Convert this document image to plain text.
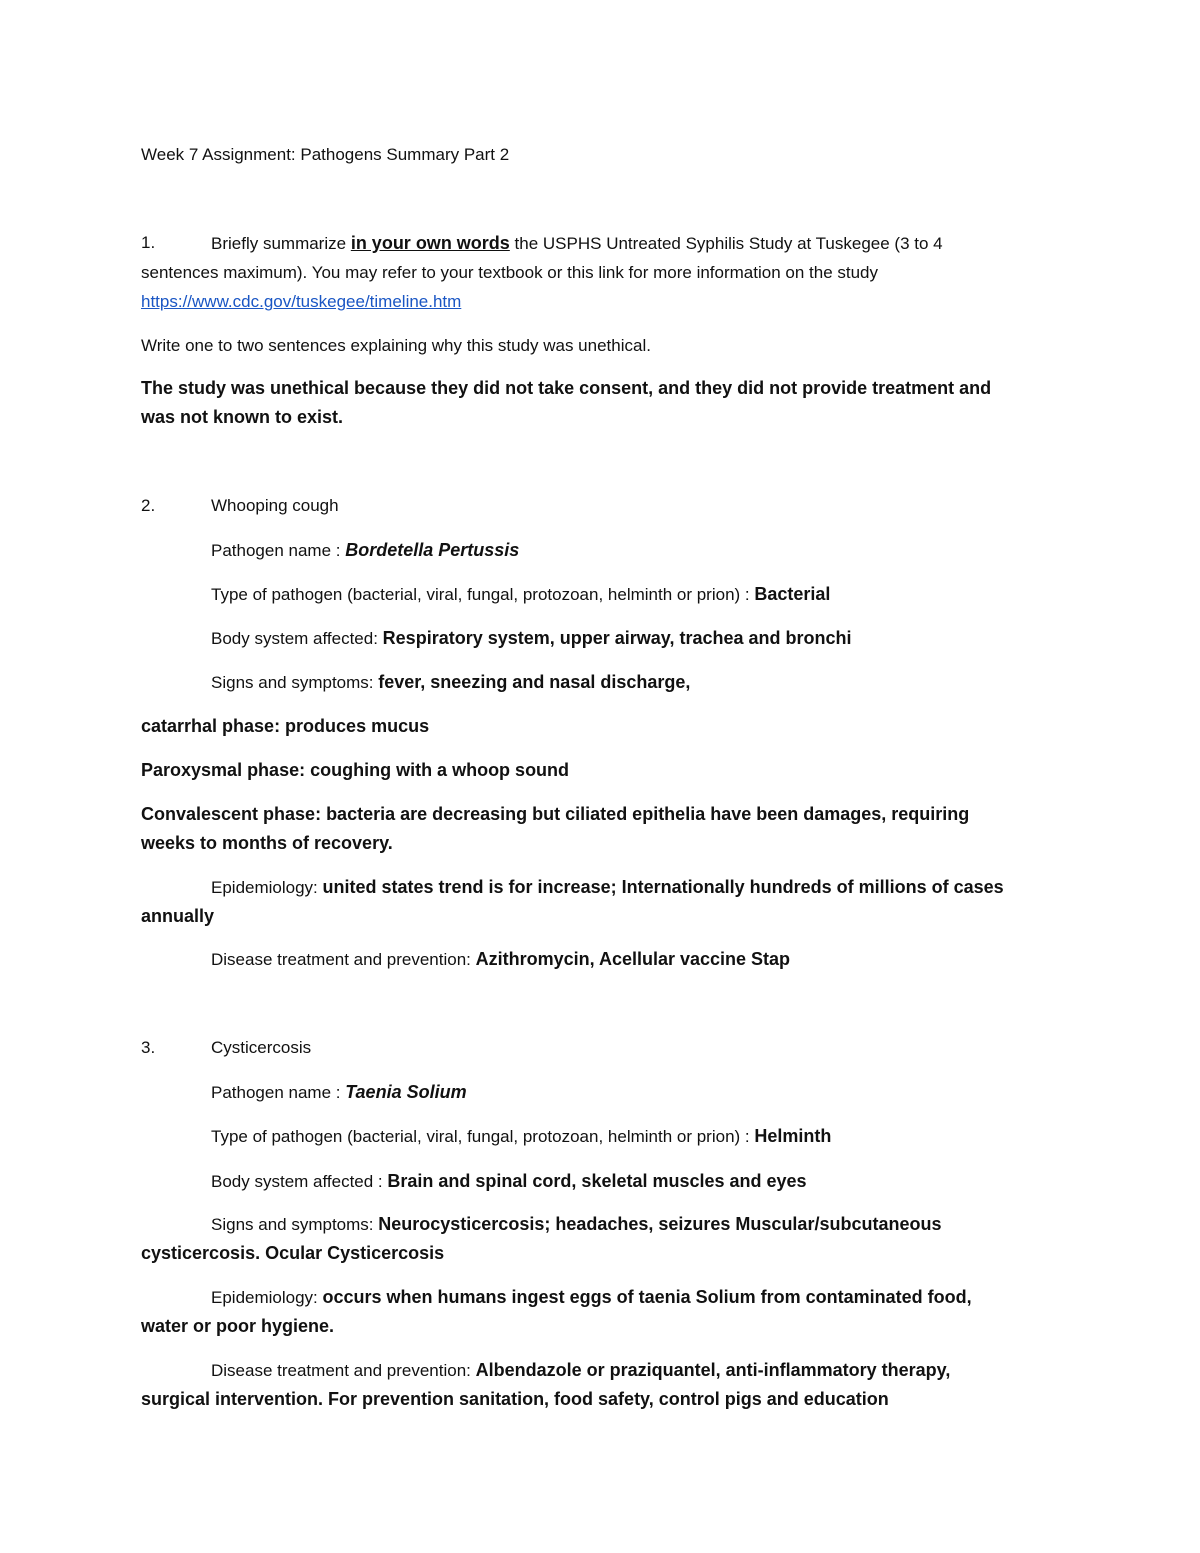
Week 7 Assignment: Pathogens Summary Part 2
1.	Briefly summarize in your own words the USPHS Untreated Syphilis Study at Tuskegee (3 to 4
sentences maximum). You may refer to your textbook or this link for more information on the study
https://www.cdc.gov/tuskegee/timeline.htm
Write one to two sentences explaining why this study was unethical.
The study was unethical because they did not take consent, and they did not provide treatment and
was not known to exist.
2.	Whooping cough
Pathogen name : Bordetella Pertussis
Type of pathogen (bacterial, viral, fungal, protozoan, helminth or prion) : Bacterial
Body system affected: Respiratory system, upper airway, trachea and bronchi
Signs and symptoms: fever, sneezing and nasal discharge,
catarrhal phase: produces mucus
Paroxysmal phase: coughing with a whoop sound
Convalescent phase: bacteria are decreasing but ciliated epithelia have been damages, requiring
weeks to months of recovery.
Epidemiology: united states trend is for increase; Internationally hundreds of millions of cases
annually
Disease treatment and prevention: Azithromycin, Acellular vaccine Stap
3.	Cysticercosis
Pathogen name : Taenia Solium
Type of pathogen (bacterial, viral, fungal, protozoan, helminth or prion) : Helminth
Body system affected : Brain and spinal cord, skeletal muscles and eyes
Signs and symptoms: Neurocysticercosis; headaches, seizures Muscular/subcutaneous
cysticercosis. Ocular Cysticercosis
Epidemiology: occurs when humans ingest eggs of taenia Solium from contaminated food,
water or poor hygiene.
Disease treatment and prevention: Albendazole or praziquantel, anti-inflammatory therapy,
surgical intervention. For prevention sanitation, food safety, control pigs and education
